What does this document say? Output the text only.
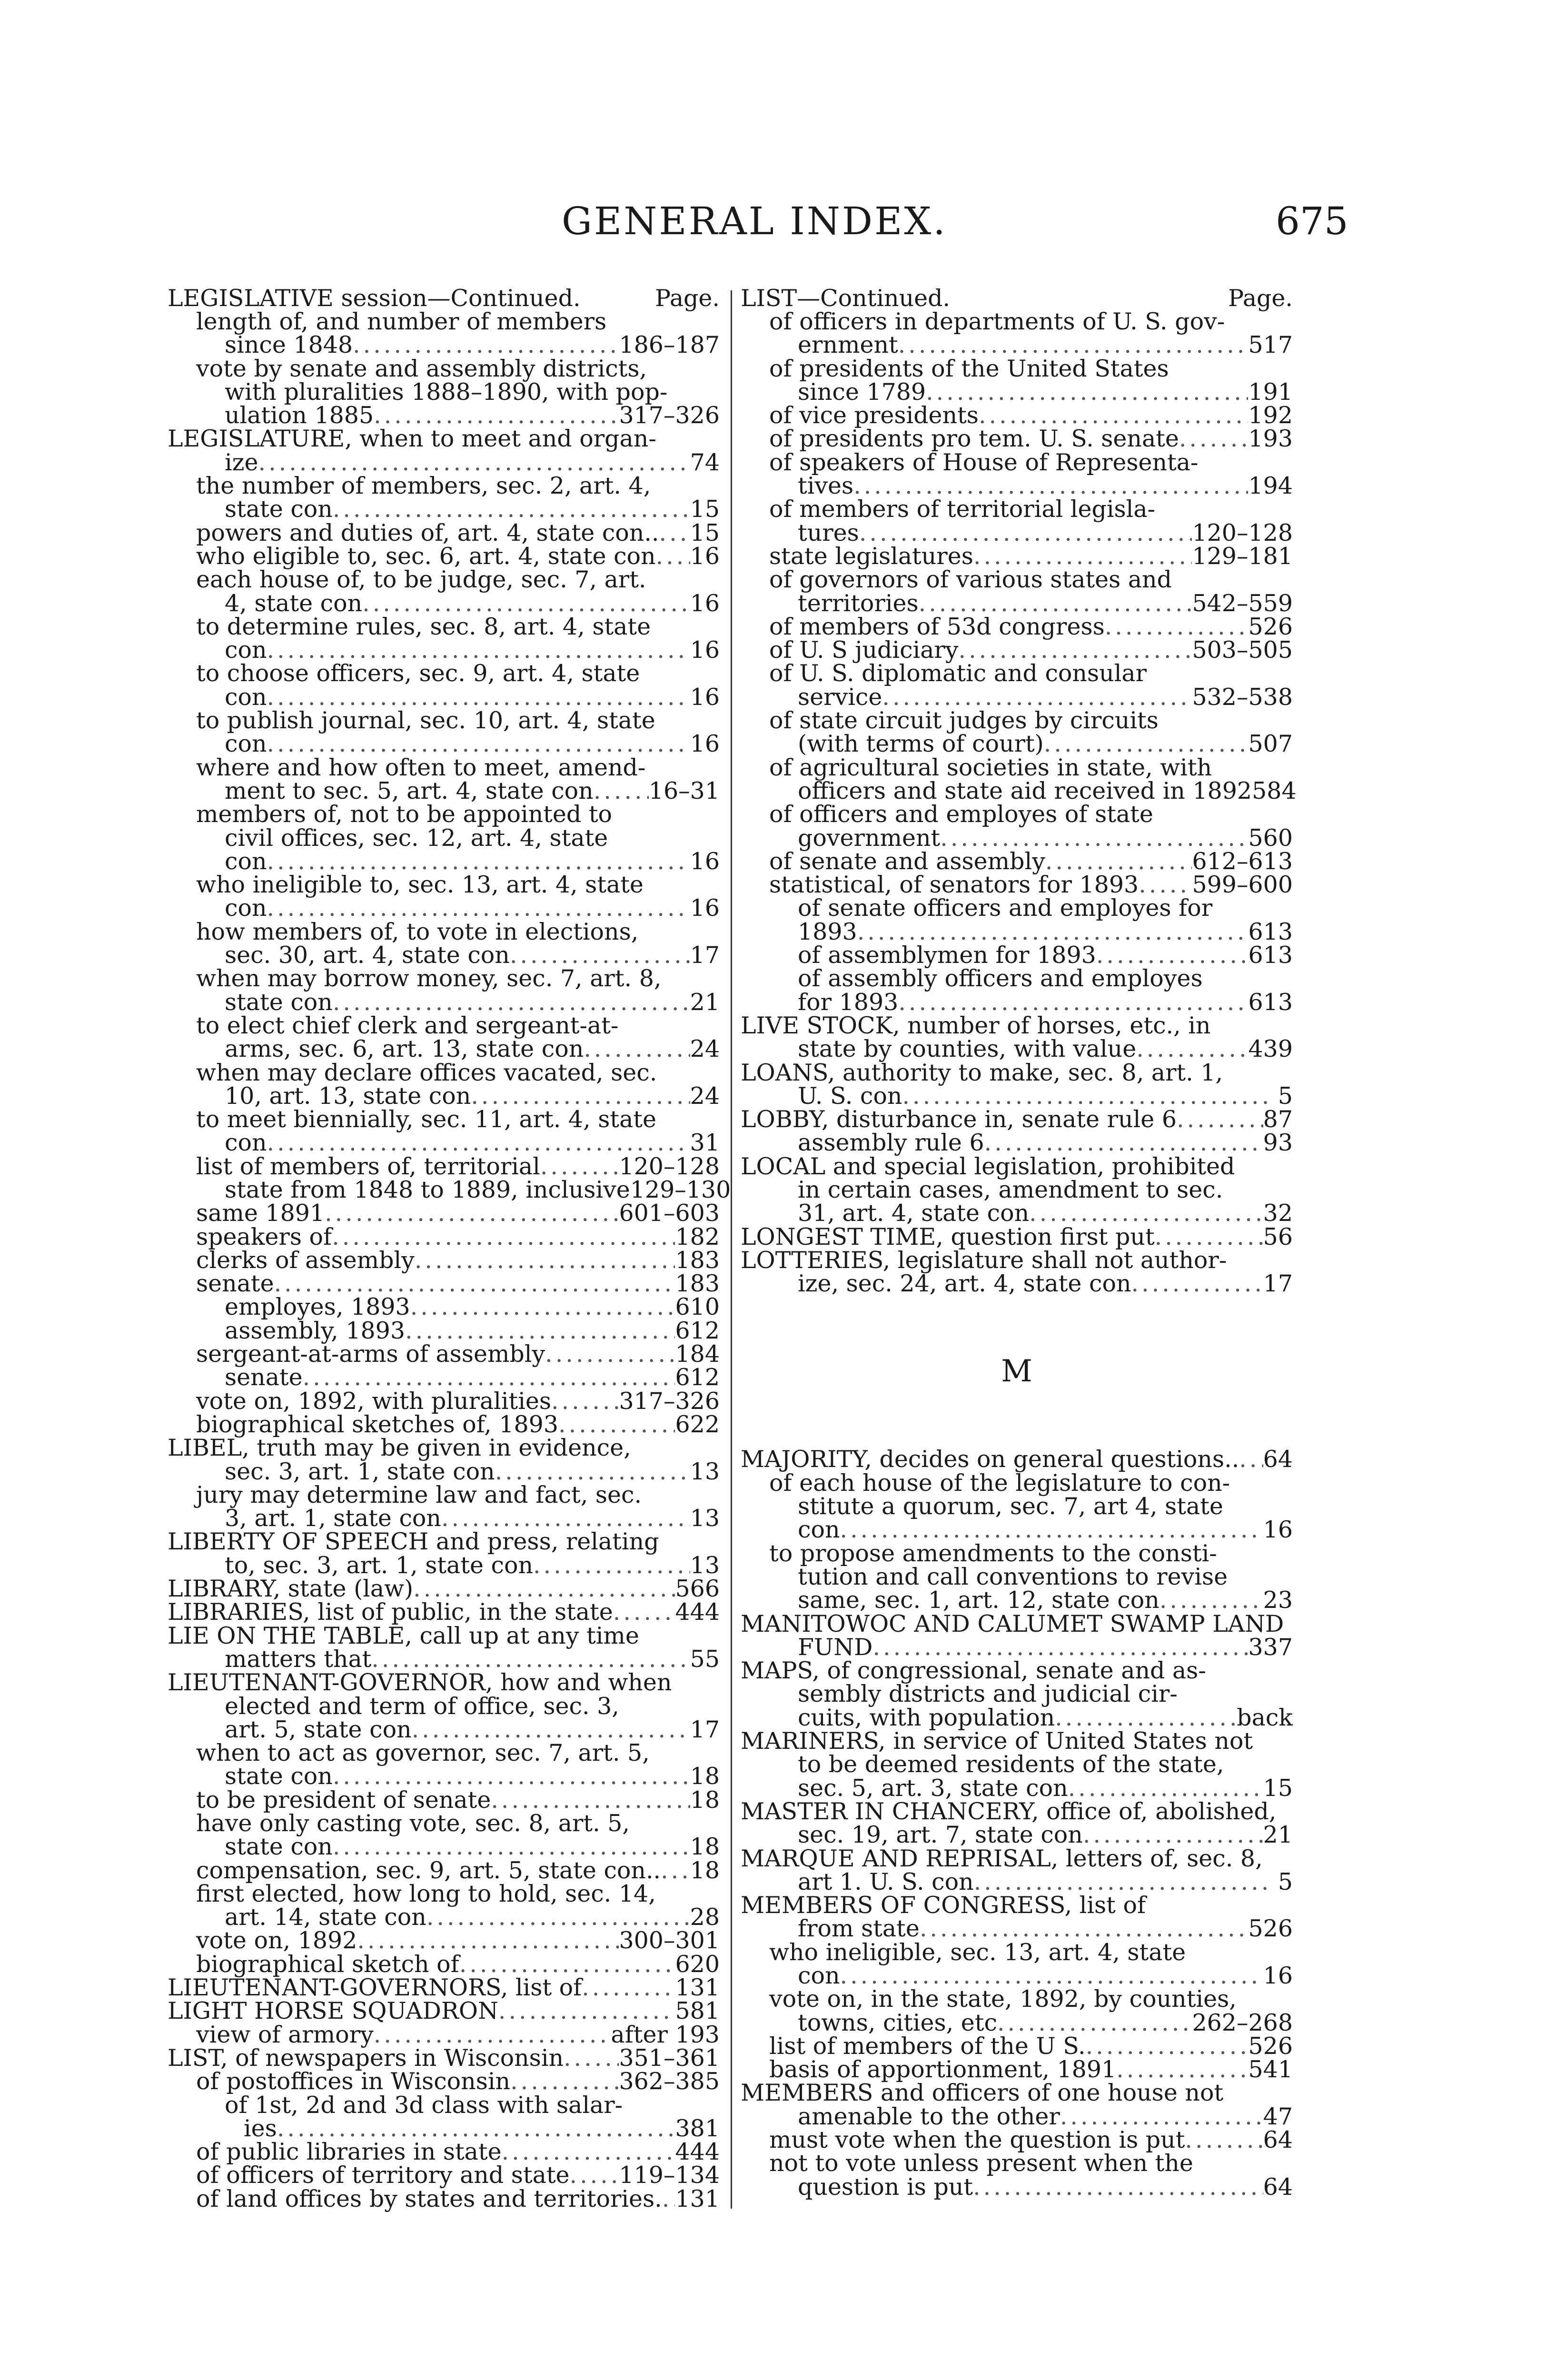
GENERAL INDEX.	675
LEGISLATIVE session—Continued.	Page.
length of, and number of members
since 1848 .....	186–187
vote by senate and assembly districts,
with pluralities 1888–1890, with pop-
ulation 1885 .....	317–326
LEGISLATURE, when to meet and organ-
ize .....	74
the number of members, sec. 2, art. 4,
state con .....	15
powers and duties of, art. 4, state con.. ..... 15
who eligible to, sec. 6, art. 4, state con ..... 16
each house of, to be judge, sec. 7, art.
4, state con .....	16
to determine rules, sec. 8, art. 4, state
con .....	16
to choose officers, sec. 9, art. 4, state
con .....	16
to publish journal, sec. 10, art. 4, state
con .....	16
where and how often to meet, amend-
ment to sec. 5, art. 4, state con ..... 16–31
members of, not to be appointed to
civil offices, sec. 12, art. 4, state
con .....	16
who ineligible to, sec. 13, art. 4, state
con .....	16
how members of, to vote in elections,
sec. 30, art. 4, state con .....	17
when may borrow money, sec. 7, art. 8,
state con .....	21
to elect chief clerk and sergeant-at-
arms, sec. 6, art. 13, state con .....	24
when may declare offices vacated, sec.
10, art. 13, state con .....	24
to meet biennially, sec. 11, art. 4, state
con .....	31
list of members of, territorial .....	120–128
state from 1848 to 1889, inclusive 129–130
same 1891 .....	601–603
speakers of .....	182
clerks of assembly .....	183
senate .....	183
employes, 1893 .....	610
assembly, 1893 .....	612
sergeant-at-arms of assembly .....	184
senate .....	612
vote on, 1892, with pluralities .....	317–326
biographical sketches of, 1893 .....	622
LIBEL, truth may be given in evidence,
sec. 3, art. 1, state con .....	13
jury may determine law and fact, sec.
3, art. 1, state con .....	13
LIBERTY OF SPEECH and press, relating
to, sec. 3, art. 1, state con .....	13
LIBRARY, state (law) .....	566
LIBRARIES, list of public, in the state .....	444
LIE ON THE TABLE, call up at any time
matters that .....	55
LIEUTENANT-GOVERNOR, how and when
elected and term of office, sec. 3,
art. 5, state con .....	17
when to act as governor, sec. 7, art. 5,
state con .....	18
to be president of senate .....	18
have only casting vote, sec. 8, art. 5,
state con .....	18
compensation, sec. 9, art. 5, state con.. ..... 18
first elected, how long to hold, sec. 14,
art. 14, state con .....	28
vote on, 1892 .....	300–301
biographical sketch of .....	620
LIEUTENANT-GOVERNORS, list of .....	131
LIGHT HORSE SQUADRON .....	581
view of armory .....	after 193
LIST, of newspapers in Wisconsin ..... 351–361
of postoffices in Wisconsin .....	362–385
of 1st, 2d and 3d class with salar-
ies .....	381
of public libraries in state .....	444
of officers of territory and state ..... 119–134
of land offices by states and territories. ..... 131
LIST—Continued.	Page.
of officers in departments of U. S. gov-
ernment .....	517
of presidents of the United States
since 1789 .....	191
of vice presidents .....	192
of presidents pro tem. U. S. senate .....	193
of speakers of House of Representa-
tives .....	194
of members of territorial legisla-
tures .....	120–128
state legislatures .....	129–181
of governors of various states and
territories .....	542–559
of members of 53d congress .....	526
of U. S judiciary .....	503–505
of U. S. diplomatic and consular
service .....	532–538
of state circuit judges by circuits
(with terms of court) .....	507
of agricultural societies in state, with
officers and state aid received in 1892 584
of officers and employes of state
government .....	560
of senate and assembly .....	612–613
statistical, of senators for 1893 ..... 599–600
of senate officers and employes for
1893 .....	613
of assemblymen for 1893 .....	613
of assembly officers and employes
for 1893 .....	613
LIVE STOCK, number of horses, etc., in
state by counties, with value .....	439
LOANS, authority to make, sec. 8, art. 1,
U. S. con .....	5
LOBBY, disturbance in, senate rule 6 .....	87
assembly rule 6 .....	93
LOCAL and special legislation, prohibited
in certain cases, amendment to sec.
31, art. 4, state con .....	32
LONGEST TIME, question first put .....	56
LOTTERIES, legislature shall not author-
ize, sec. 24, art. 4, state con .....	17
M
MAJORITY, decides on general questions.. ..... 64
of each house of the legislature to con-
stitute a quorum, sec. 7, art 4, state
con .....	16
to propose amendments to the consti-
tution and call conventions to revise
same, sec. 1, art. 12, state con .....	23
MANITOWOC AND CALUMET SWAMP LAND
FUND .....	337
MAPS, of congressional, senate and as-
sembly districts and judicial cir-
cuits, with population .....	back
MARINERS, in service of United States not
to be deemed residents of the state,
sec. 5, art. 3, state con .....	15
MASTER IN CHANCERY, office of, abolished,
sec. 19, art. 7, state con .....	21
MARQUE AND REPRISAL, letters of, sec. 8,
art 1. U. S. con .....	5
MEMBERS OF CONGRESS, list of
from state .....	526
who ineligible, sec. 13, art. 4, state
con .....	16
vote on, in the state, 1892, by counties,
towns, cities, etc .....	262–268
list of members of the U S. .....	526
basis of apportionment, 1891 .....	541
MEMBERS and officers of one house not
amenable to the other .....	47
must vote when the question is put .....	64
not to vote unless present when the
question is put .....	64
